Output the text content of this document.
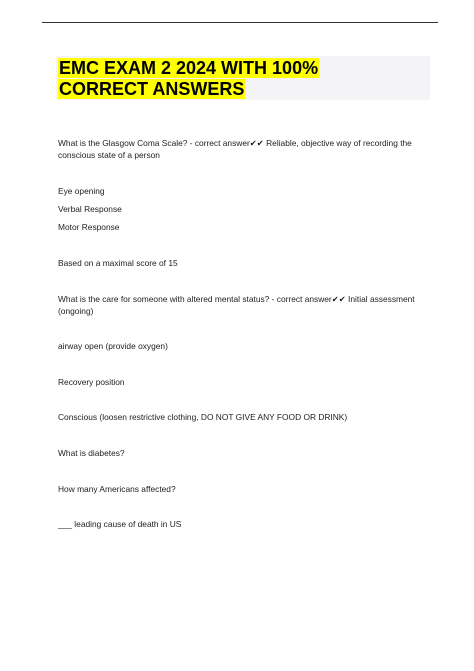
EMC EXAM 2 2024 WITH 100%
CORRECT ANSWERS

What is the Glasgow Coma Scale? - correct answer✔✔ Reliable, objective way of recording the conscious state of a person

Eye opening

Verbal Response

Motor Response

Based on a maximal score of 15

What is the care for someone with altered mental status? - correct answer✔✔ Initial assessment (ongoing)

airway open (provide oxygen)

Recovery position

Conscious (loosen restrictive clothing, DO NOT GIVE ANY FOOD OR DRINK)

What is diabetes?

How many Americans affected?

___ leading cause of death in US
